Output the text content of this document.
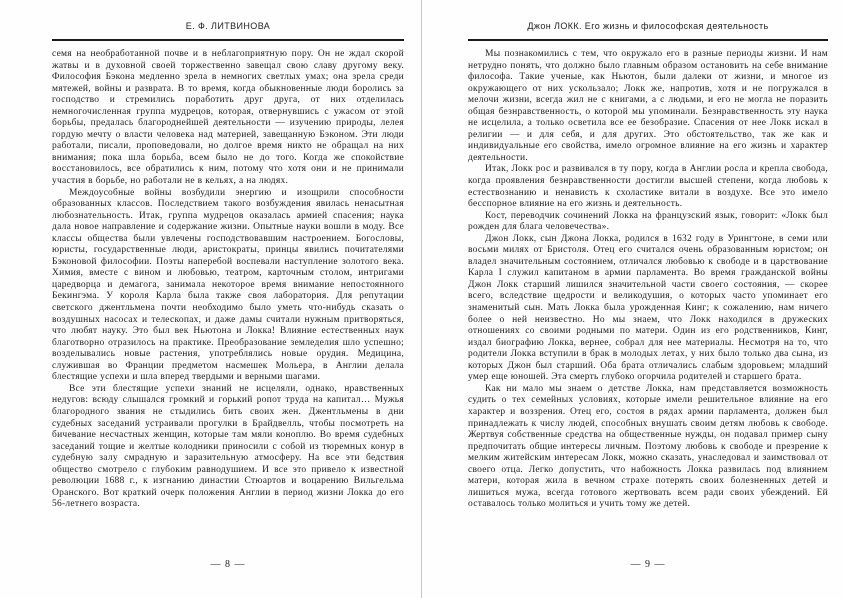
Е. Ф. ЛИТВИНОВА

семя на необработанной почве и в неблагоприятную пору. Он не ждал скорой жатвы и в духовной своей торжественно завещал свою славу другому веку. Философия Бэкона медленно зрела в немногих светлых умах; она зрела среди мятежей, войны и разврата. В то время, когда обыкновенные люди боролись за господство и стремились поработить друг друга, от них отделилась немногочисленная группа мудрецов, которая, отвернувшись с ужасом от этой борьбы, предалась благороднейшей деятельности — изучению природы, лелея гордую мечту о власти человека над материей, завещанную Бэконом. Эти люди работали, писали, проповедовали, но долгое время никто не обращал на них внимания; пока шла борьба, всем было не до того. Когда же спокойствие восстановилось, все обратились к ним, потому что хотя они и не принимали участия в борьбе, но работали не в кельях, а на людях.

Междоусобные войны возбудили энергию и изощрили способности образованных классов. Последствием такого возбуждения явилась ненасытная любознательность. Итак, группа мудрецов оказалась армией спасения; наука дала новое направление и содержание жизни. Опытные науки вошли в моду. Все классы общества были увлечены господствовавшим настроением. Богословы, юристы, государственные люди, аристократы, принцы явились почитателями Бэконовой философии. Поэты наперебой воспевали наступление золотого века. Химия, вместе с вином и любовью, театром, карточным столом, интригами царедворца и демагога, занимала некоторое время внимание непостоянного Бекингэма. У короля Карла была также своя лаборатория. Для репутации светского джентльмена почти необходимо было уметь что-нибудь сказать о воздушных насосах и телескопах, и даже дамы считали нужным притворяться, что любят науку. Это был век Ньютона и Локка! Влияние естественных наук благотворно отразилось на практике. Преобразование земледелия шло успешно; возделывались новые растения, употреблялись новые орудия. Медицина, служившая во Франции предметом насмешек Мольера, в Англии делала блестящие успехи и шла вперед твердыми и верными шагами.

Все эти блестящие успехи знаний не исцеляли, однако, нравственных недугов: всюду слышался громкий и горький ропот труда на капитал… Мужья благородного звания не стыдились бить своих жен. Джентльмены в дни судебных заседаний устраивали прогулки в Брайдвелль, чтобы посмотреть на бичевание несчастных женщин, которые там мяли коноплю. Во время судебных заседаний тощие и желтые колодники приносили с собой из тюремных конур в судебную залу смрадную и заразительную атмосферу. На все эти бедствия общество смотрело с глубоким равнодушием. И все это привело к известной революции 1688 г., к изгнанию династии Стюартов и воцарению Вильгельма Оранского. Вот краткий очерк положения Англии в период жизни Локка до его 56-летнего возраста.

— 8 —
Джон ЛОКК. Его жизнь и философская деятельность

Мы познакомились с тем, что окружало его в разные периоды жизни. И нам нетрудно понять, что должно было главным образом остановить на себе внимание философа. Такие ученые, как Ньютон, были далеки от жизни, и многое из окружающего от них ускользало; Локк же, напротив, хотя и не погружался в мелочи жизни, всегда жил не с книгами, а с людьми, и его не могла не поразить общая безнравственность, о которой мы упоминали. Безнравственность эту наука не исцелила, а только осветила все ее безобразие. Спасения от нее Локк искал в религии — и для себя, и для других. Это обстоятельство, так же как и индивидуальные его свойства, имело огромное влияние на его жизнь и характер деятельности.

Итак, Локк рос и развивался в ту пору, когда в Англии росла и крепла свобода, когда проявления безнравственности достигли высшей степени, когда любовь к естествознанию и ненависть к схоластике витали в воздухе. Все это имело бесспорное влияние на его жизнь и деятельность.

Кост, переводчик сочинений Локка на французский язык, говорит: «Локк был рожден для блага человечества».

Джон Локк, сын Джона Локка, родился в 1632 году в Урингтоне, в семи или восьми милях от Бристоля. Отец его считался очень образованным юристом; он владел значительным состоянием, отличался любовью к свободе и в царствование Карла I служил капитаном в армии парламента. Во время гражданской войны Джон Локк старший лишился значительной части своего состояния, — скорее всего, вследствие щедрости и великодушия, о которых часто упоминает его знаменитый сын. Мать Локка была урожденная Кинг; к сожалению, нам ничего более о ней неизвестно. Но мы знаем, что Локк находился в дружеских отношениях со своими родными по матери. Один из его родственников, Кинг, издал биографию Локка, вернее, собрал для нее материалы. Несмотря на то, что родители Локка вступили в брак в молодых летах, у них было только два сына, из которых Джон был старший. Оба брата отличались слабым здоровьем; младший умер еще юношей. Эта смерть глубоко огорчила родителей и старшего брата.

Как ни мало мы знаем о детстве Локка, нам представляется возможность судить о тех семейных условиях, которые имели решительное влияние на его характер и воззрения. Отец его, состоя в рядах армии парламента, должен был принадлежать к числу людей, способных внушать своим детям любовь к свободе. Жертвуя собственные средства на общественные нужды, он подавал пример сыну предпочитать общие интересы личным. Поэтому любовь к свободе и презрение к мелким житейским интересам Локк, можно сказать, унаследовал и заимствовал от своего отца. Легко допустить, что набожность Локка развилась под влиянием матери, которая жила в вечном страхе потерять своих болезненных детей и лишиться мужа, всегда готового жертвовать всем ради своих убеждений. Ей оставалось только молиться и учить тому же детей.

— 9 —
